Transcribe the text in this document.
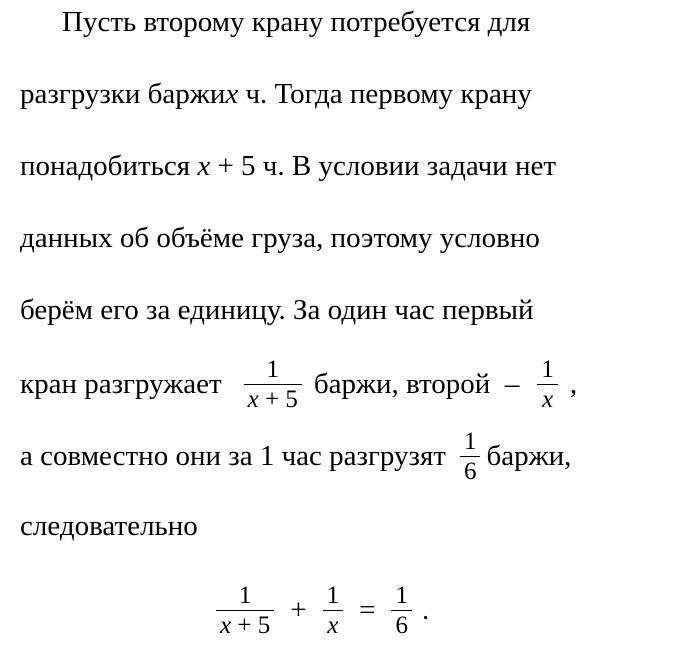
Пусть второму крану потребуется для
разгрузки баржи x ч. Тогда первому крану
понадобиться x + 5 ч. В условии задачи нет
данных об объёме груза, поэтому условно
берём его за единицу. За один час первый
кран разгружает $\frac{1}{x + 5}$ баржи, второй  – $\frac{1}{x}$ ,
а совместно они за 1 час разгрузят $\frac{1}{6}$ баржи,
следовательно
$\frac{1}{x + 5} + \frac{1}{x} = \frac{1}{6}$ .
